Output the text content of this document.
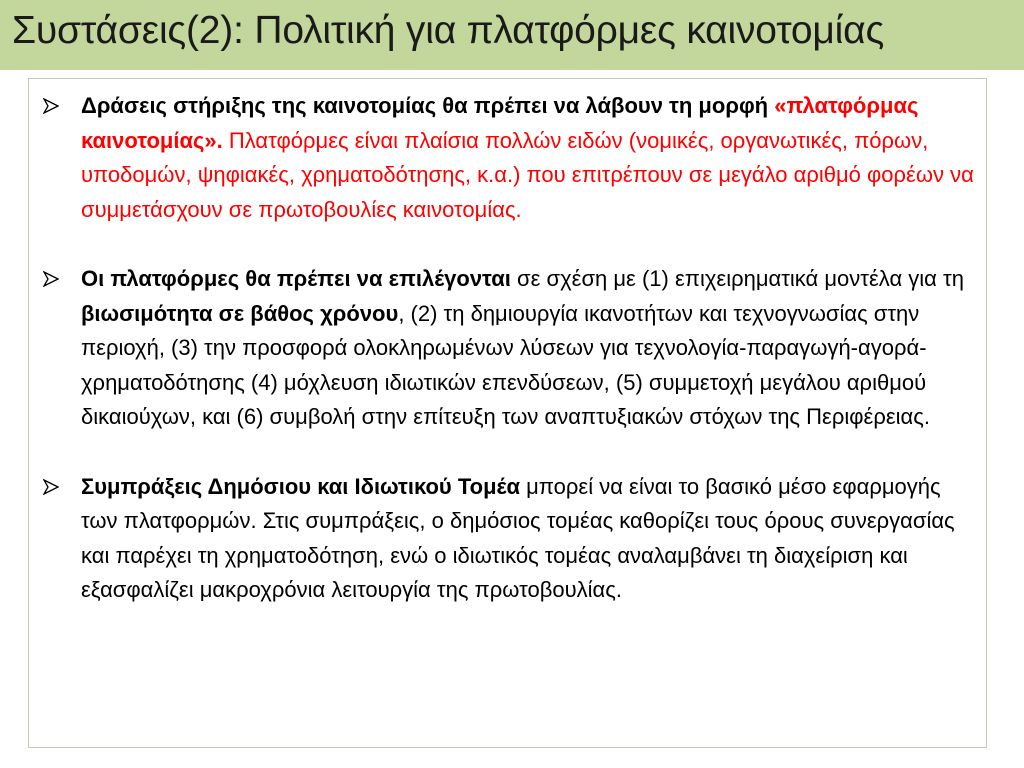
Συστάσεις(2): Πολιτική για πλατφόρμες καινοτομίας
Δράσεις στήριξης της καινοτομίας θα πρέπει να λάβουν τη μορφή «πλατφόρμας καινοτομίας». Πλατφόρμες είναι πλαίσια πολλών ειδών (νομικές, οργανωτικές, πόρων, υποδομών, ψηφιακές, χρηματοδότησης, κ.α.) που επιτρέπουν σε μεγάλο αριθμό φορέων να συμμετάσχουν σε πρωτοβουλίες καινοτομίας.
Οι πλατφόρμες θα πρέπει να επιλέγονται σε σχέση με (1) επιχειρηματικά μοντέλα για τη βιωσιμότητα σε βάθος χρόνου, (2) τη δημιουργία ικανοτήτων και τεχνογνωσίας στην περιοχή, (3) την προσφορά ολοκληρωμένων λύσεων για τεχνολογία-παραγωγή-αγορά-χρηματοδότησης (4) μόχλευση ιδιωτικών επενδύσεων, (5) συμμετοχή μεγάλου αριθμού δικαιούχων, και (6) συμβολή στην επίτευξη των αναπτυξιακών στόχων της Περιφέρειας.
Συμπράξεις Δημόσιου και Ιδιωτικού Τομέα μπορεί να είναι το βασικό μέσο εφαρμογής των πλατφορμών. Στις συμπράξεις, ο δημόσιος τομέας καθορίζει τους όρους συνεργασίας και παρέχει τη χρηματοδότηση, ενώ ο ιδιωτικός τομέας αναλαμβάνει τη διαχείριση και εξασφαλίζει μακροχρόνια λειτουργία της πρωτοβουλίας.
